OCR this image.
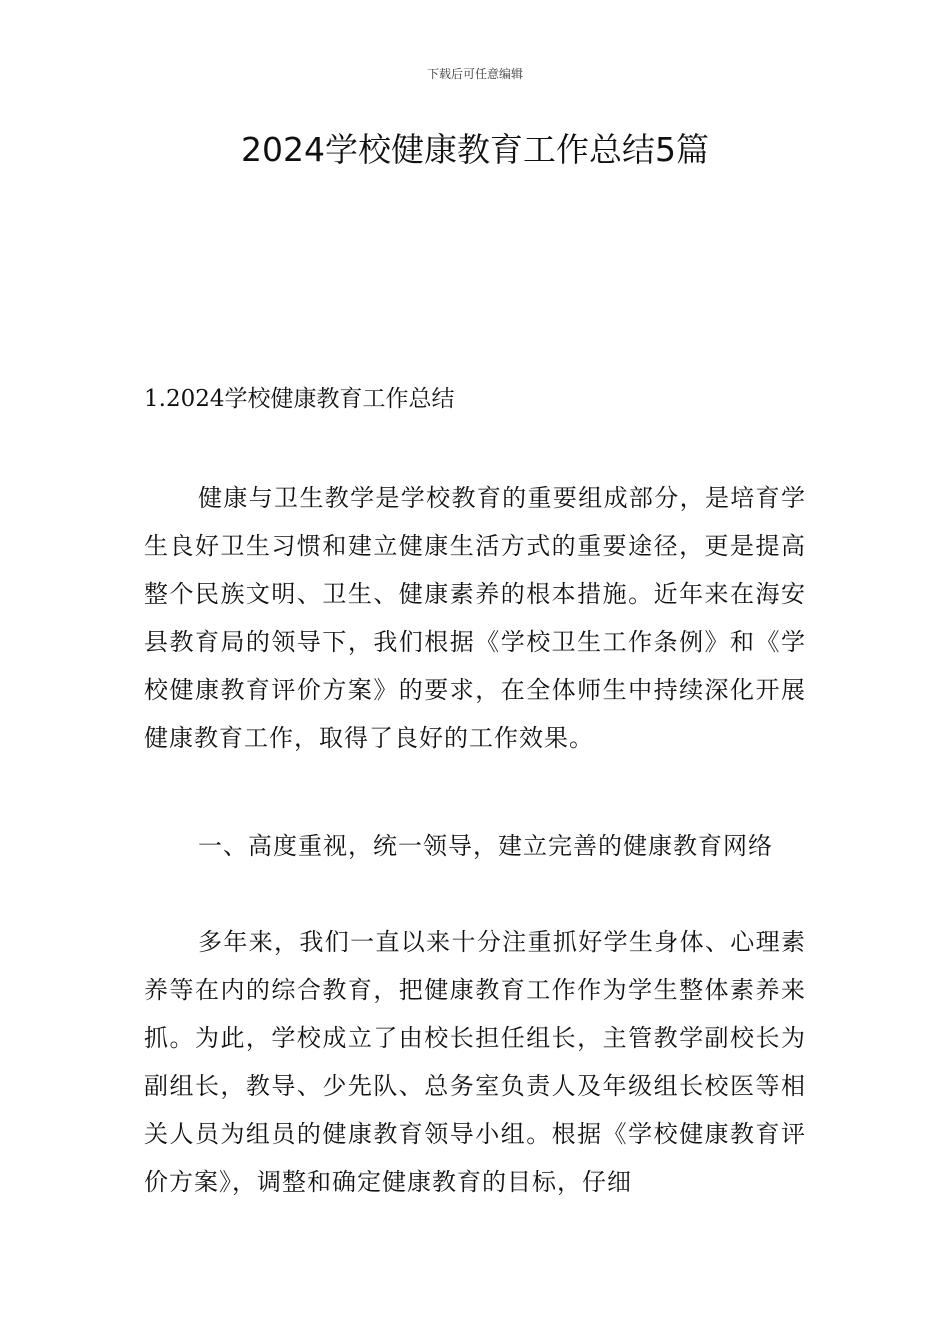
下载后可任意编辑
2024学校健康教育工作总结5篇
1.2024学校健康教育工作总结

健康与卫生教学是学校教育的重要组成部分，是培育学生良好卫生习惯和建立健康生活方式的重要途径，更是提高整个民族文明、卫生、健康素养的根本措施。近年来在海安县教育局的领导下，我们根据《学校卫生工作条例》和《学校健康教育评价方案》的要求，在全体师生中持续深化开展健康教育工作，取得了良好的工作效果。

一、高度重视，统一领导，建立完善的健康教育网络

多年来，我们一直以来十分注重抓好学生身体、心理素养等在内的综合教育，把健康教育工作作为学生整体素养来抓。为此，学校成立了由校长担任组长，主管教学副校长为副组长，教导、少先队、总务室负责人及年级组长校医等相关人员为组员的健康教育领导小组。根据《学校健康教育评价方案》，调整和确定健康教育的目标，仔细
